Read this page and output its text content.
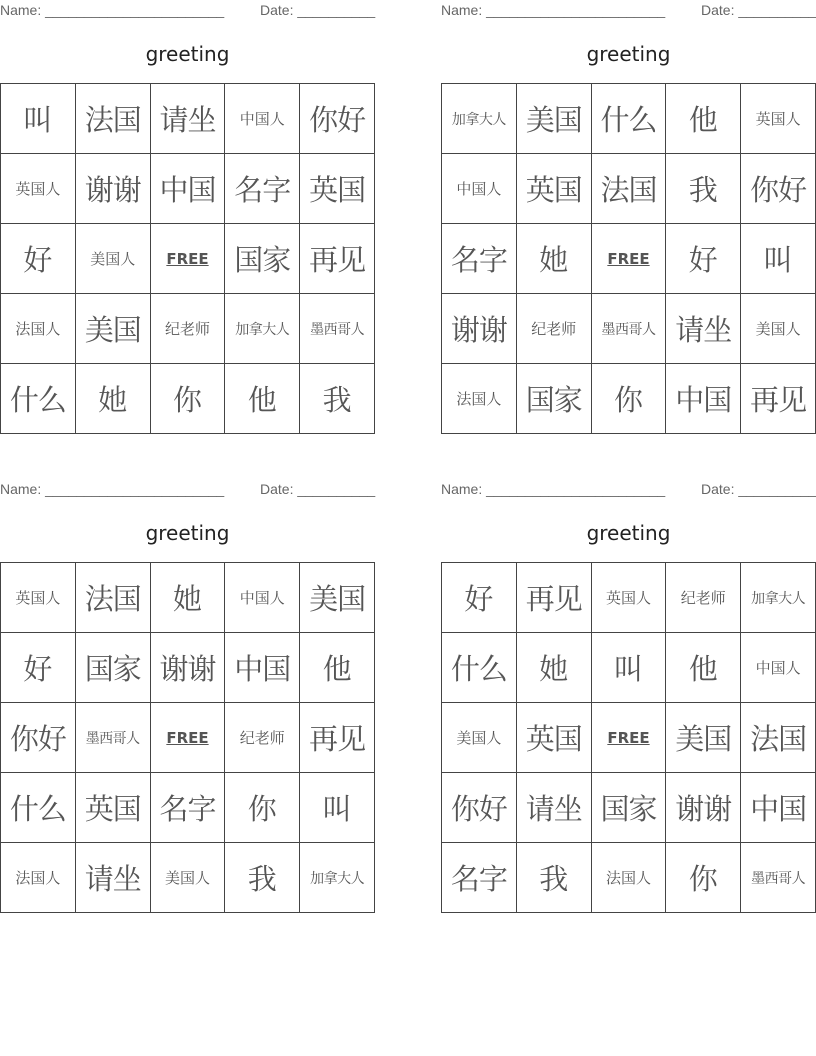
Name: _______________________	Date: __________
greeting
叫	法国	请坐	中国人	你好
英国人	谢谢	中国	名字	英国
好	美国人	FREE	国家	再见
法国人	美国	纪老师	加拿大人	墨西哥人
什么	她	你	他	我
Name: _______________________	Date: __________
greeting
加拿大人	美国	什么	他	英国人
中国人	英国	法国	我	你好
名字	她	FREE	好	叫
谢谢	纪老师	墨西哥人	请坐	美国人
法国人	国家	你	中国	再见
Name: _______________________	Date: __________
greeting
英国人	法国	她	中国人	美国
好	国家	谢谢	中国	他
你好	墨西哥人	FREE	纪老师	再见
什么	英国	名字	你	叫
法国人	请坐	美国人	我	加拿大人
Name: _______________________	Date: __________
greeting
好	再见	英国人	纪老师	加拿大人
什么	她	叫	他	中国人
美国人	英国	FREE	美国	法国
你好	请坐	国家	谢谢	中国
名字	我	法国人	你	墨西哥人
